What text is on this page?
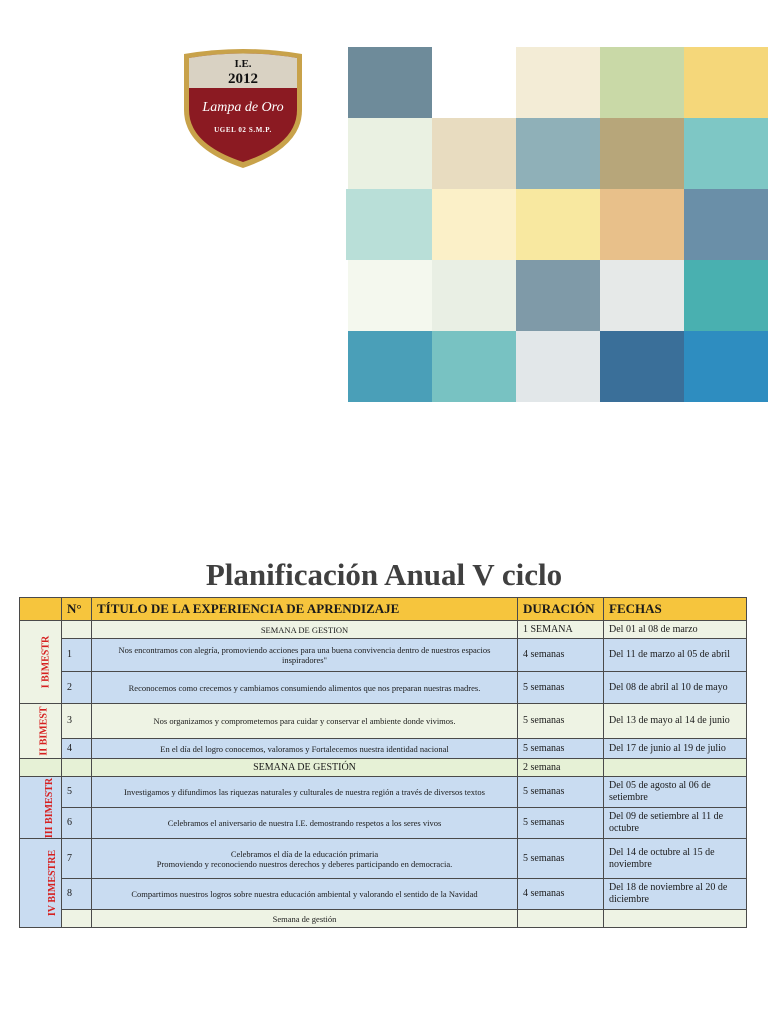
I.E.
2012
Lampa de Oro
UGEL 02 S.M.P.
Planificación Anual V ciclo
	N°	TÍTULO DE LA EXPERIENCIA DE APRENDIZAJE	DURACIÓN	FECHAS
I BIMESTR		SEMANA DE GESTION	1 SEMANA	Del 01 al 08 de marzo
	1	Nos encontramos con alegría, promoviendo acciones para una buena convivencia dentro de nuestros espacios inspiradores"	4 semanas	Del 11 de marzo al 05 de abril
	2	Reconocemos como crecemos y cambiamos consumiendo alimentos que nos preparan nuestras madres.	5 semanas	Del 08 de abril al 10 de mayo
II BIMEST	3	Nos organizamos y comprometemos para cuidar y conservar el ambiente donde vivimos.	5 semanas	Del 13 de mayo al 14 de junio
	4	En el día del logro conocemos, valoramos y Fortalecemos nuestra identidad nacional	5 semanas	Del 17 de junio al 19 de julio
		SEMANA DE GESTIÓN	2 semana	
III BIMESTR	5	Investigamos y difundimos las riquezas naturales y culturales de nuestra región a través de diversos textos	5 semanas	Del 05 de agosto al 06 de setiembre
	6	Celebramos el aniversario de nuestra I.E. demostrando respetos a los seres vivos	5 semanas	Del 09 de setiembre al 11 de octubre
IV BIMESTRE	7	Celebramos el día de la educación primaria
Promoviendo y reconociendo nuestros derechos y deberes participando en democracia.	5 semanas	Del 14 de octubre al 15 de noviembre
	8	Compartimos nuestros logros sobre nuestra educación ambiental y valorando el sentido de la Navidad	4 semanas	Del 18 de noviembre al 20 de diciembre
		Semana de gestión		
